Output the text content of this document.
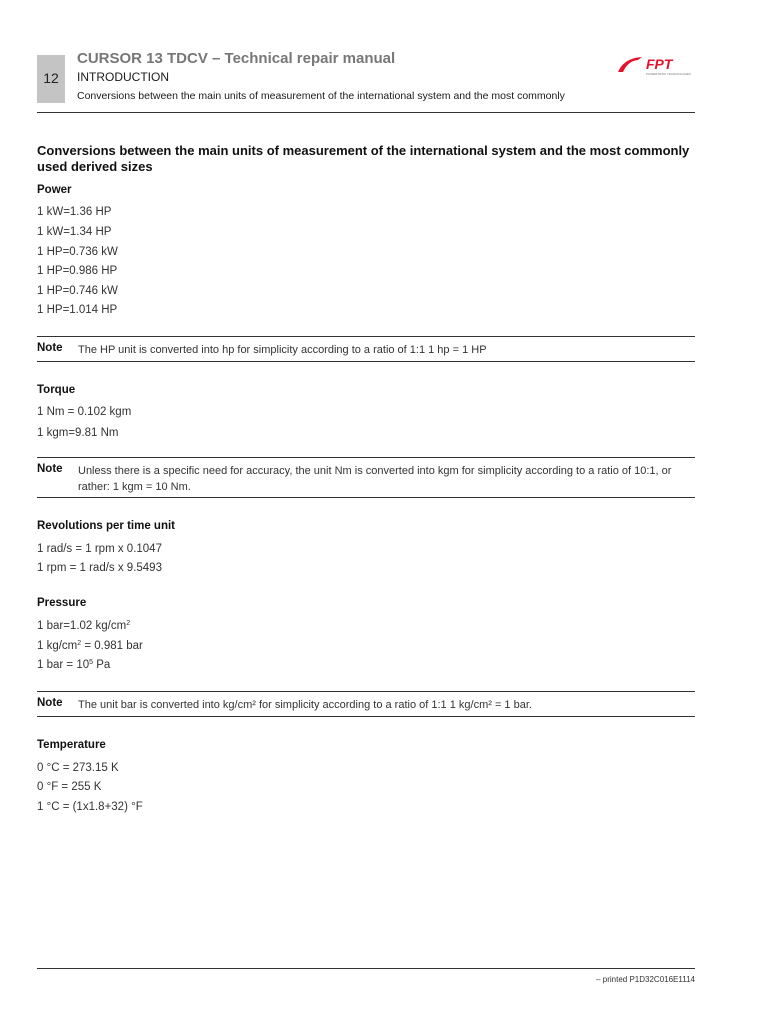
12
CURSOR 13 TDCV – Technical repair manual
INTRODUCTION
Conversions between the main units of measurement of the international system and the most commonly
FPT
POWERTRAIN TECHNOLOGIES
Conversions between the main units of measurement of the international system and the most commonly used derived sizes
Power
1 kW=1.36 HP
1 kW=1.34 HP
1 HP=0.736 kW
1 HP=0.986 HP
1 HP=0.746 kW
1 HP=1.014 HP
Note The HP unit is converted into hp for simplicity according to a ratio of 1:1 1 hp = 1 HP
Torque
1 Nm = 0.102 kgm
1 kgm=9.81 Nm
Note Unless there is a specific need for accuracy, the unit Nm is converted into kgm for simplicity according to a ratio of 10:1, or rather: 1 kgm = 10 Nm.
Revolutions per time unit
1 rad/s = 1 rpm x 0.1047
1 rpm = 1 rad/s x 9.5493
Pressure
1 bar=1.02 $kg/cm^2$
1 $kg/cm^2 = 0.981$ bar
1 bar = $10^5$ Pa
Note The unit bar is converted into kg/cm² for simplicity according to a ratio of 1:1 1 kg/cm² = 1 bar.
Temperature
0 °C = 273.15 K
0 °F = 255 K
1 °C = (1x1.8+32) °F
– printed P1D32C016E1114
